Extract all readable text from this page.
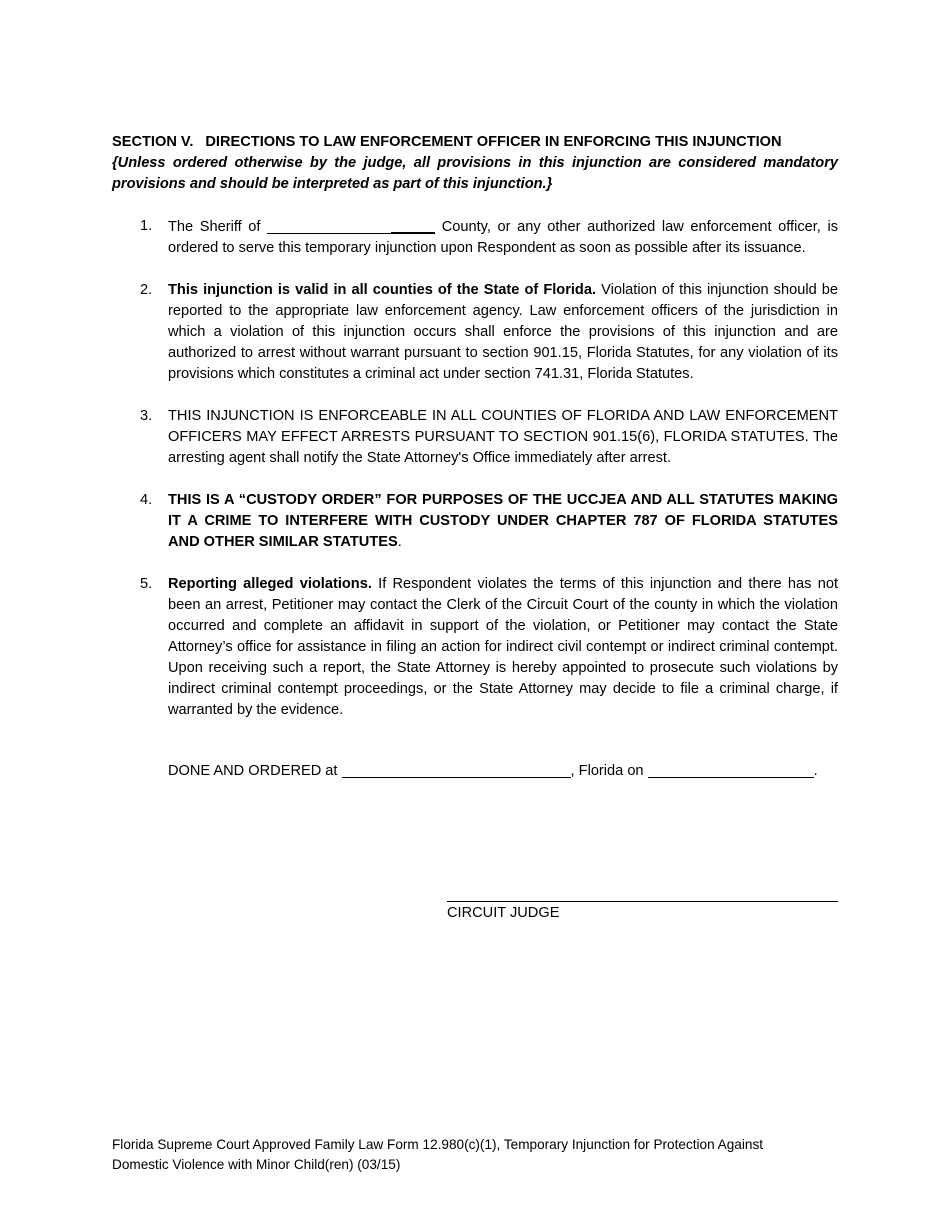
SECTION V. DIRECTIONS TO LAW ENFORCEMENT OFFICER IN ENFORCING THIS INJUNCTION

{Unless ordered otherwise by the judge, all provisions in this injunction are considered mandatory provisions and should be interpreted as part of this injunction.}

1. The Sheriff of	County, or any other authorized law enforcement officer, is ordered to serve this temporary injunction upon Respondent as soon as possible after its issuance.
2. This injunction is valid in all counties of the State of Florida. Violation of this injunction should be reported to the appropriate law enforcement agency. Law enforcement officers of the jurisdiction in which a violation of this injunction occurs shall enforce the provisions of this injunction and are authorized to arrest without warrant pursuant to section 901.15, Florida Statutes, for any violation of its provisions which constitutes a criminal act under section 741.31, Florida Statutes.
3. THIS INJUNCTION IS ENFORCEABLE IN ALL COUNTIES OF FLORIDA AND LAW ENFORCEMENT OFFICERS MAY EFFECT ARRESTS PURSUANT TO SECTION 901.15(6), FLORIDA STATUTES. The arresting agent shall notify the State Attorney's Office immediately after arrest.
4. THIS IS A “CUSTODY ORDER” FOR PURPOSES OF THE UCCJEA AND ALL STATUTES MAKING IT A CRIME TO INTERFERE WITH CUSTODY UNDER CHAPTER 787 OF FLORIDA STATUTES AND OTHER SIMILAR STATUTES.
5. Reporting alleged violations. If Respondent violates the terms of this injunction and there has not been an arrest, Petitioner may contact the Clerk of the Circuit Court of the county in which the violation occurred and complete an affidavit in support of the violation, or Petitioner may contact the State Attorney’s office for assistance in filing an action for indirect civil contempt or indirect criminal contempt. Upon receiving such a report, the State Attorney is hereby appointed to prosecute such violations by indirect criminal contempt proceedings, or the State Attorney may decide to file a criminal charge, if warranted by the evidence.
DONE AND ORDERED at	, Florida on	.
CIRCUIT JUDGE
Florida Supreme Court Approved Family Law Form 12.980(c)(1), Temporary Injunction for Protection Against
Domestic Violence with Minor Child(ren) (03/15)
